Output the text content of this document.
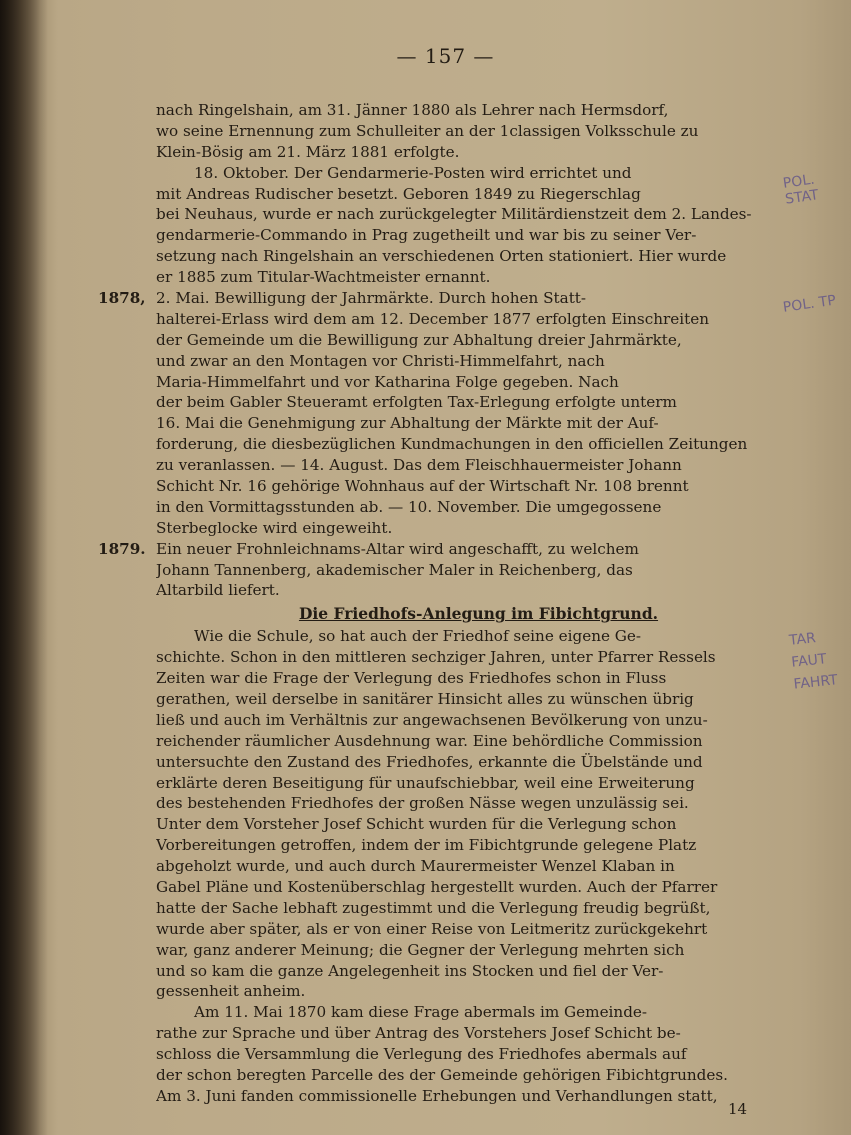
— 157 —
nach Ringelshain, am 31. Jänner 1880 als Lehrer nach Hermsdorf,
wo seine Ernennung zum Schulleiter an der 1classigen Volksschule zu
Klein-Bösig am 21. März 1881 erfolgte.
18. Oktober. Der Gendarmerie-Posten wird errichtet und
mit Andreas Rudischer besetzt. Geboren 1849 zu Riegerschlag
bei Neuhaus, wurde er nach zurückgelegter Militärdienstzeit dem 2. Landes-
gendarmerie-Commando in Prag zugetheilt und war bis zu seiner Ver-
setzung nach Ringelshain an verschiedenen Orten stationiert. Hier wurde
er 1885 zum Titular-Wachtmeister ernannt.
1878, 2. Mai. Bewilligung der Jahrmärkte. Durch hohen Statt-
halterei-Erlass wird dem am 12. December 1877 erfolgten Einschreiten
der Gemeinde um die Bewilligung zur Abhaltung dreier Jahrmärkte,
und zwar an den Montagen vor Christi-Himmelfahrt, nach
Maria-Himmelfahrt und vor Katharina Folge gegeben. Nach
der beim Gabler Steueramt erfolgten Tax-Erlegung erfolgte unterm
16. Mai die Genehmigung zur Abhaltung der Märkte mit der Auf-
forderung, die diesbezüglichen Kundmachungen in den officiellen Zeitungen
zu veranlassen. — 14. August. Das dem Fleischhauermeister Johann
Schicht Nr. 16 gehörige Wohnhaus auf der Wirtschaft Nr. 108 brennt
in den Vormittagsstunden ab. — 10. November. Die umgegossene
Sterbeglocke wird eingeweiht.
1879. Ein neuer Frohnleichnams-Altar wird angeschafft, zu welchem
Johann Tannenberg, akademischer Maler in Reichenberg, das
Altarbild liefert.
Die Friedhofs-Anlegung im Fibichtgrund.
Wie die Schule, so hat auch der Friedhof seine eigene Ge-
schichte. Schon in den mittleren sechziger Jahren, unter Pfarrer Ressels
Zeiten war die Frage der Verlegung des Friedhofes schon in Fluss
gerathen, weil derselbe in sanitärer Hinsicht alles zu wünschen übrig
ließ und auch im Verhältnis zur angewachsenen Bevölkerung von unzu-
reichender räumlicher Ausdehnung war. Eine behördliche Commission
untersuchte den Zustand des Friedhofes, erkannte die Übelstände und
erklärte deren Beseitigung für unaufschiebbar, weil eine Erweiterung
des bestehenden Friedhofes der großen Nässe wegen unzulässig sei.
Unter dem Vorsteher Josef Schicht wurden für die Verlegung schon
Vorbereitungen getroffen, indem der im Fibichtgrunde gelegene Platz
abgeholzt wurde, und auch durch Maurermeister Wenzel Klaban in
Gabel Pläne und Kostenüberschlag hergestellt wurden. Auch der Pfarrer
hatte der Sache lebhaft zugestimmt und die Verlegung freudig begrüßt,
wurde aber später, als er von einer Reise von Leitmeritz zurückgekehrt
war, ganz anderer Meinung; die Gegner der Verlegung mehrten sich
und so kam die ganze Angelegenheit ins Stocken und fiel der Ver-
gessenheit anheim.
Am 11. Mai 1870 kam diese Frage abermals im Gemeinde-
rathe zur Sprache und über Antrag des Vorstehers Josef Schicht be-
schloss die Versammlung die Verlegung des Friedhofes abermals auf
der schon beregten Parcelle des der Gemeinde gehörigen Fibichtgrundes.
Am 3. Juni fanden commissionelle Erhebungen und Verhandlungen statt,
14
POL. STAT
POL. TP
TAR
FAUT
FAHRT
